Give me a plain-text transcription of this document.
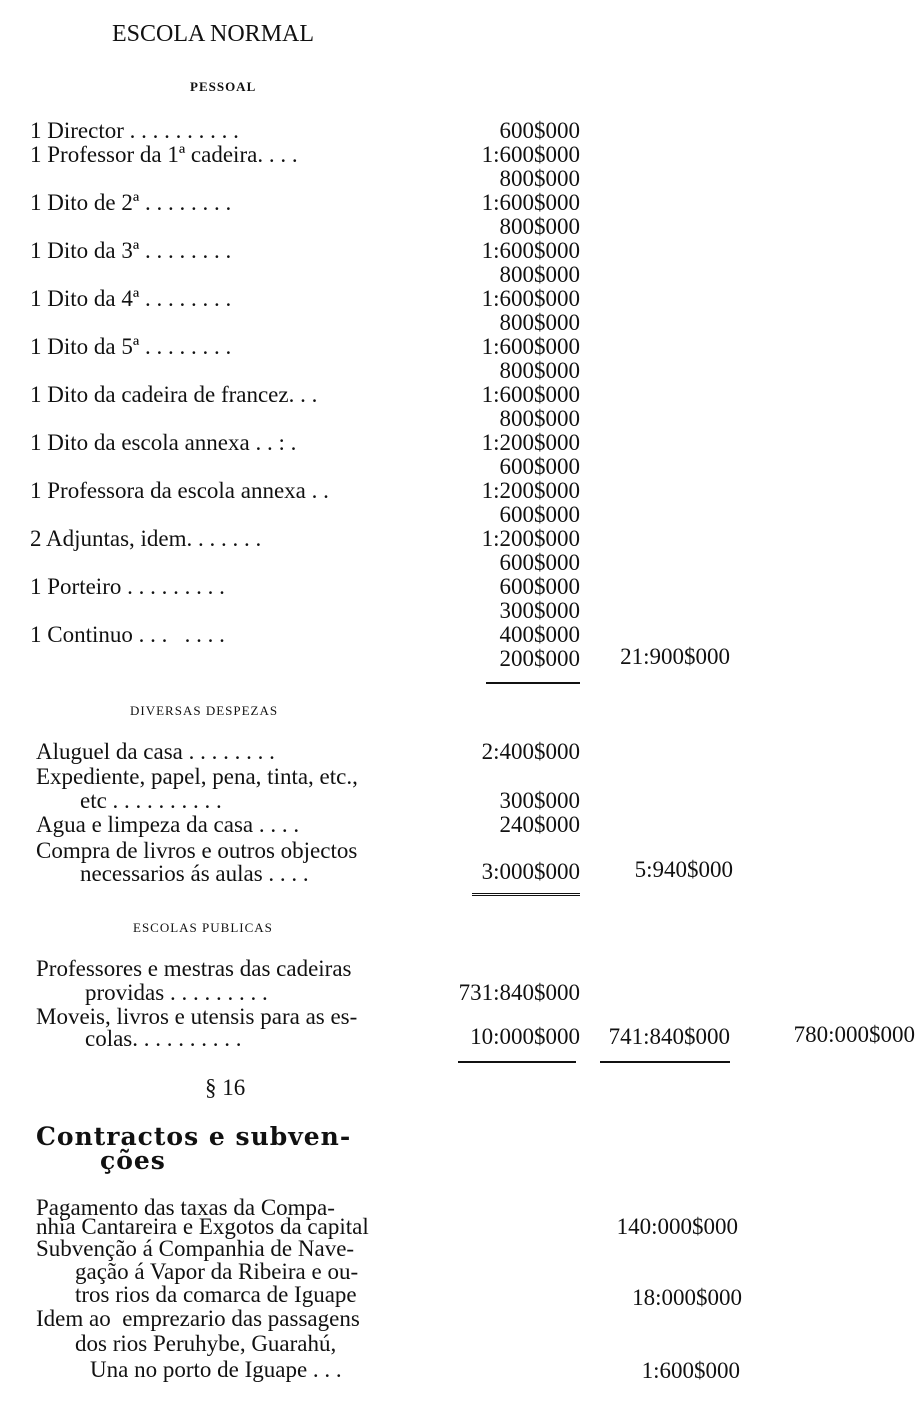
ESCOLA NORMAL
PESSOAL
1 Director . . . . . . . . . .	600$000
1 Professor da 1ª cadeira. . . .	1:600$000
800$000
1 Dito de 2ª . . . . . . . .	1:600$000
800$000
1 Dito da 3ª . . . . . . . .	1:600$000
800$000
1 Dito da 4ª . . . . . . . .	1:600$000
800$000
1 Dito da 5ª . . . . . . . .	1:600$000
800$000
1 Dito da cadeira de francez. . .	1:600$000
800$000
1 Dito da escola annexa . . : .	1:200$000
600$000
1 Professora da escola annexa . .	1:200$000
600$000
2 Adjuntas, idem. . . . . . .	1:200$000
600$000
1 Porteiro . . . . . . . . .	600$000
300$000
1 Continuo . . .   . . . .	400$000
200$000 21:900$000
DIVERSAS DESPEZAS
Aluguel da casa . . . . . . . .	2:400$000
Expediente, papel, pena, tinta, etc.,
etc . . . . . . . . . .	300$000
Agua e limpeza da casa . . . .	240$000
Compra de livros e outros objectos
necessarios ás aulas . . . .	3:000$000 5:940$000
ESCOLAS PUBLICAS
Professores e mestras das cadeiras
providas . . . . . . . . .	731:840$000
Moveis, livros e utensis para as es-
colas. . . . . . . . . .	10:000$000 741:840$000	780:000$000
§ 16
Contractos e subven-
ções
Pagamento das taxas da Compa-
nhia Cantareira e Exgotos da capital	140:000$000
Subvenção á Companhia de Nave-
gação á Vapor da Ribeira e ou-
tros rios da comarca de Iguape	18:000$000
Idem ao  emprezario das passagens
dos rios Peruhybe, Guarahú,
Una no porto de Iguape . . .	1:600$000
